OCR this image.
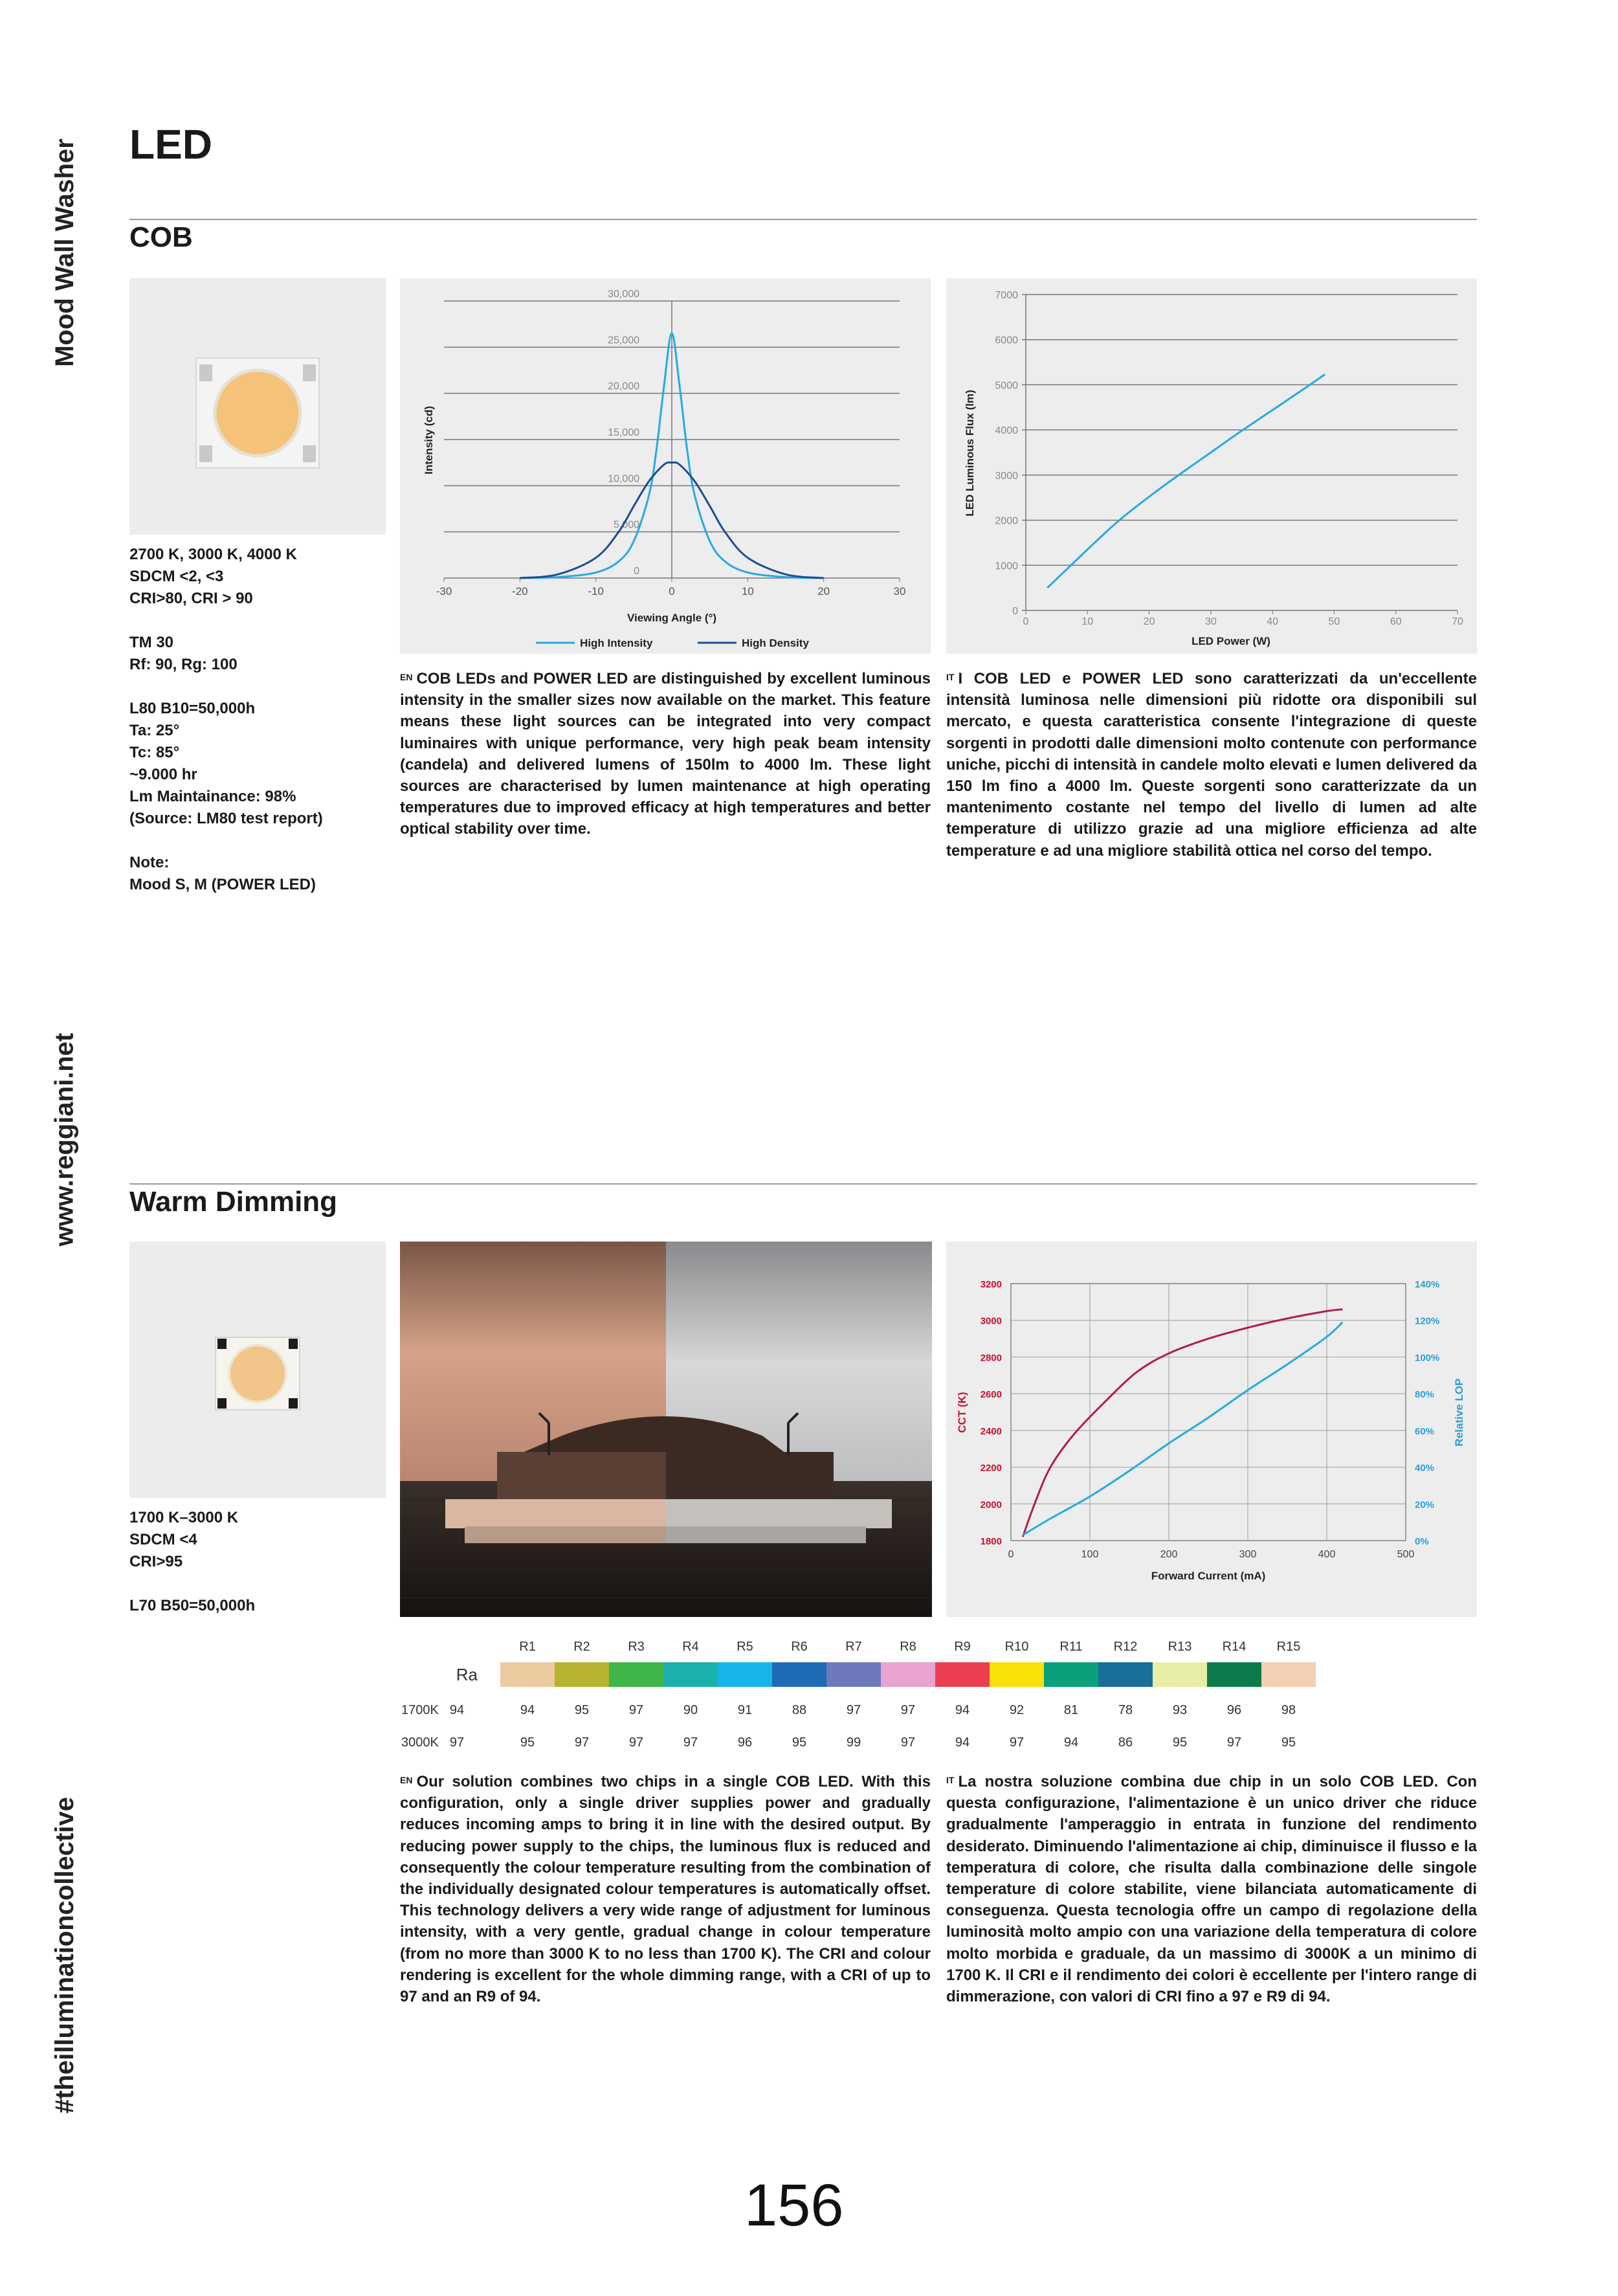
Mood Wall Washer
www.reggiani.net
#theilluminationcollective
LED
COB
2700 K, 3000 K, 4000 K
SDCM <2, <3
CRI>80, CRI > 90

TM 30
Rf: 90, Rg: 100

L80 B10=50,000h
Ta: 25°
Tc: 85°
~9.000 hr
Lm Maintainance: 98%
(Source: LM80 test report)

Note:
Mood S, M (POWER LED)
0
5,000
10,000
15,000
20,000
25,000
30,000
-30	-20	-10	0	10	20	30
Viewing Angle (°)
Intensity (cd)
High Intensity	High Density
0
1000
2000
3000
4000
5000
6000
7000
0	10	20	30	40	50	60	70
LED Power (W)
LED Luminous Flux (lm)
$^{EN}$ COB LEDs and POWER LED are distinguished by excellent luminous intensity in the smaller sizes now available on the market. This feature means these light sources can be integrated into very compact luminaires with unique performance, very high peak beam intensity (candela) and delivered lumens of 150lm to 4000 lm. These light sources are characterised by lumen maintenance at high operating temperatures due to improved efficacy at high temperatures and better optical stability over time.
$^{IT}$ I COB LED e POWER LED sono caratterizzati da un'eccellente intensità luminosa nelle dimensioni più ridotte ora disponibili sul mercato, e questa caratteristica consente l'integrazione di queste sorgenti in prodotti dalle dimensioni molto contenute con performance uniche, picchi di intensità in candele molto elevati e lumen delivered da 150 lm fino a 4000 lm. Queste sorgenti sono caratterizzate da un mantenimento costante nel tempo del livello di lumen ad alte temperature di utilizzo grazie ad una migliore efficienza ad alte temperature e ad una migliore stabilità ottica nel corso del tempo.
Warm Dimming
1700 K–3000 K
SDCM <4
CRI>95

L70 B50=50,000h
1800	0%
2000	20%
2200	40%
2400	60%
2600	80%
2800	100%
3000	120%
3200	140%
0	100	200	300	400	500
Forward Current (mA)
CCT (K)	Relative LOP
R1	R2	R3	R4	R5	R6	R7	R8	R9	R10 R11 R12 R13 R14 R15
Ra
1700K 94	94	95	97	90	91	88	97	97	94	92	81	78	93	96	98
3000K 97	95	97	97	97	96	95	99	97	94	97	94	86	95	97	95
$^{EN}$ Our solution combines two chips in a single COB LED. With this configuration, only a single driver supplies power and gradually reduces incoming amps to bring it in line with the desired output. By reducing power supply to the chips, the luminous flux is reduced and consequently the colour temperature resulting from the combination of the individually designated colour temperatures is automatically offset. This technology delivers a very wide range of adjustment for luminous intensity, with a very gentle, gradual change in colour temperature (from no more than 3000 K to no less than 1700 K). The CRI and colour rendering is excellent for the whole dimming range, with a CRI of up to 97 and an R9 of 94.
$^{IT}$ La nostra soluzione combina due chip in un solo COB LED. Con questa configurazione, l'alimentazione è un unico driver che riduce gradualmente l'amperaggio in entrata in funzione del rendimento desiderato. Diminuendo l'alimentazione ai chip, diminuisce il flusso e la temperatura di colore, che risulta dalla combinazione delle singole temperature di colore stabilite, viene bilanciata automaticamente di conseguenza. Questa tecnologia offre un campo di regolazione della luminosità molto ampio con una variazione della temperatura di colore molto morbida e graduale, da un massimo di 3000K a un minimo di 1700 K. Il CRI e il rendimento dei colori è eccellente per l'intero range di dimmerazione, con valori di CRI fino a 97 e R9 di 94.
156
